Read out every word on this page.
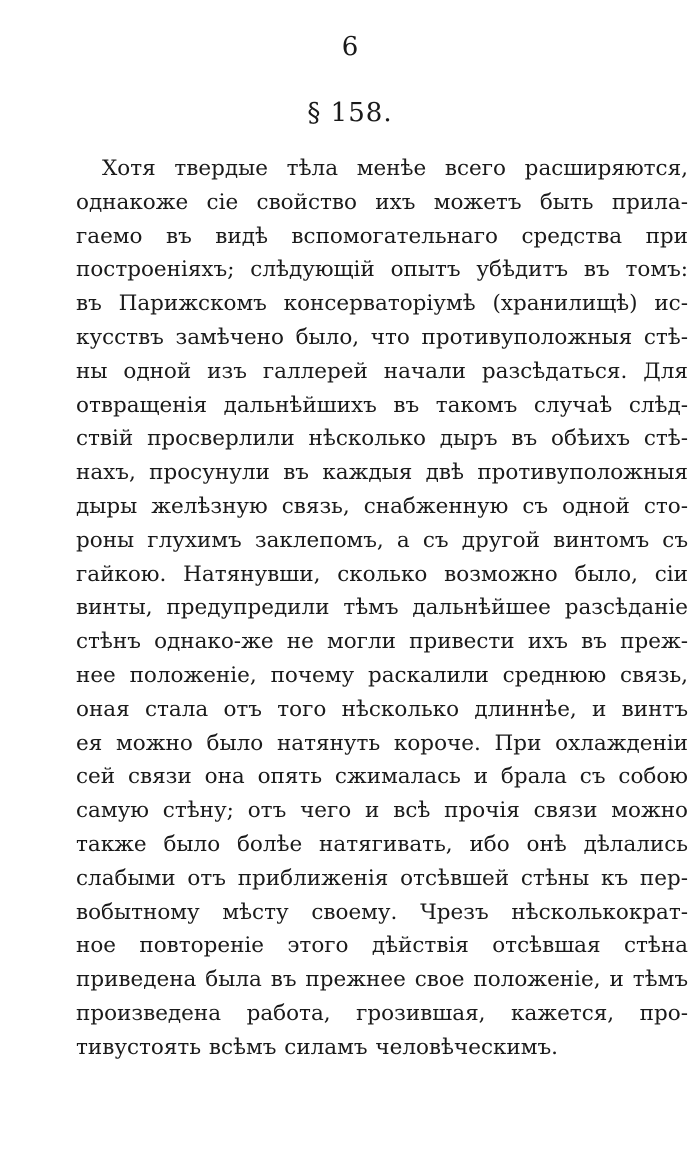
6
§ 158.
Хотя твердые тѣла менѣе всего расширяются,
однакоже сіе свойство ихъ можетъ быть прила-
гаемо въ видѣ вспомогательнаго средства при
построеніяхъ; слѣдующій опытъ убѣдитъ въ томъ:
въ Парижскомъ консерваторіумѣ (хранилищѣ) ис-
кусствъ замѣчено было, что противуположныя стѣ-
ны одной изъ галлерей начали разсѣдаться. Для
отвращенія дальнѣйшихъ въ такомъ случаѣ слѣд-
ствій просверлили нѣсколько дыръ въ обѣихъ стѣ-
нахъ, просунули въ каждыя двѣ противуположныя
дыры желѣзную связь, снабженную съ одной сто-
роны глухимъ заклепомъ, а съ другой винтомъ съ
гайкою. Натянувши, сколько возможно было, сіи
винты, предупредили тѣмъ дальнѣйшее разсѣданіе
стѣнъ однако-же не могли привести ихъ въ преж-
нее положеніе, почему раскалили среднюю связь,
оная стала отъ того нѣсколько длиннѣе, и винтъ
ея можно было натянуть короче. При охлажденіи
сей связи она опять сжималась и брала съ собою
самую стѣну; отъ чего и всѣ прочія связи можно
также было болѣе натягивать, ибо онѣ дѣлались
слабыми отъ приближенія отсѣвшей стѣны къ пер-
вобытному мѣсту своему. Чрезъ нѣсколькократ-
ное повтореніе этого дѣйствія отсѣвшая стѣна
приведена была въ прежнее свое положеніе, и тѣмъ
произведена работа, грозившая, кажется, про-
тивустоять всѣмъ силамъ человѣческимъ.
